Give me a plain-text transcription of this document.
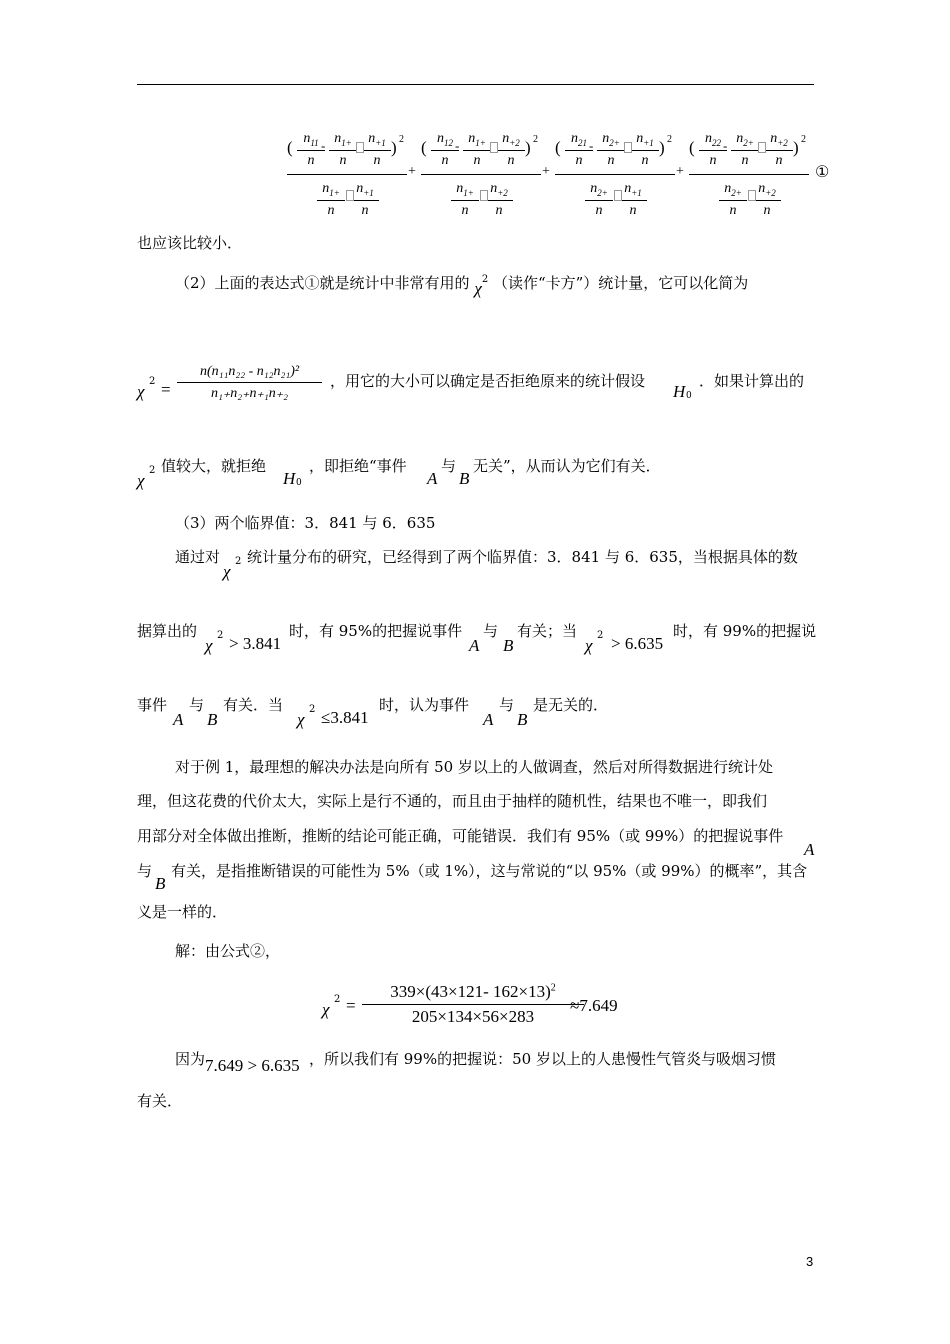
(	) 2
$n_{11}$
n
$n_{1+}$
n
$n_{+1}$
n
-
$n_{1+}$
n
$n_{+1}$
n
+
(	) 2
$n_{12}$
n
$n_{1+}$
n
$n_{+2}$
n
-
$n_{1+}$
n
$n_{+2}$
n
+
(	) 2
$n_{21}$
n
$n_{2+}$
n
$n_{+1}$
n
-
$n_{2+}$
n
$n_{+1}$
n
+
(	) 2
$n_{22}$
n
$n_{2+}$
n
$n_{+2}$
n
-
$n_{2+}$
n
$n_{+2}$
n
①
也应该比较小．
（2）上面的表达式①就是统计中非常有用的 $\chi^2$ （读作“卡方”）统计量，它可以化简为
χ
2 =
n(n₁₁n₂₂ - n₁₂n₂₁)²
n₁₊n₂₊n₊₁n₊₂
，用它的大小可以确定是否拒绝原来的统计假设
H 0
．如果计算出的
χ
2 值较大，就拒绝
H 0
，即拒绝“事件
A
与
B
无关”，从而认为它们有关．
（3）两个临界值：3．841 与 6．635
通过对
χ
2 统计量分布的研究，已经得到了两个临界值：3．841 与 6．635，当根据具体的数
据算出的
χ
2 > 3.841
时，有 95%的把握说事件
A
与
B
有关；当
χ
2 > 6.635
时，有 99%的把握说
事件
A
与
B
有关．当
χ
2 ≤3.841
时，认为事件
A
与
B
是无关的．
对于例 1，最理想的解决办法是向所有 50 岁以上的人做调查，然后对所得数据进行统计处
理，但这花费的代价太大，实际上是行不通的，而且由于抽样的随机性，结果也不唯一，即我们
用部分对全体做出推断，推断的结论可能正确，可能错误．我们有 95%（或 99%）的把握说事件
A
与
B
有关，是指推断错误的可能性为 5%（或 1%），这与常说的“以 95%（或 99%）的概率”，其含
义是一样的．
解：由公式②，
χ
2 =
339×(43×121- 162×13)$^2$
205×134×56×283
≈7.649
因为 7.649 > 6.635 ，所以我们有 99%的把握说：50 岁以上的人患慢性气管炎与吸烟习惯
有关．
3
